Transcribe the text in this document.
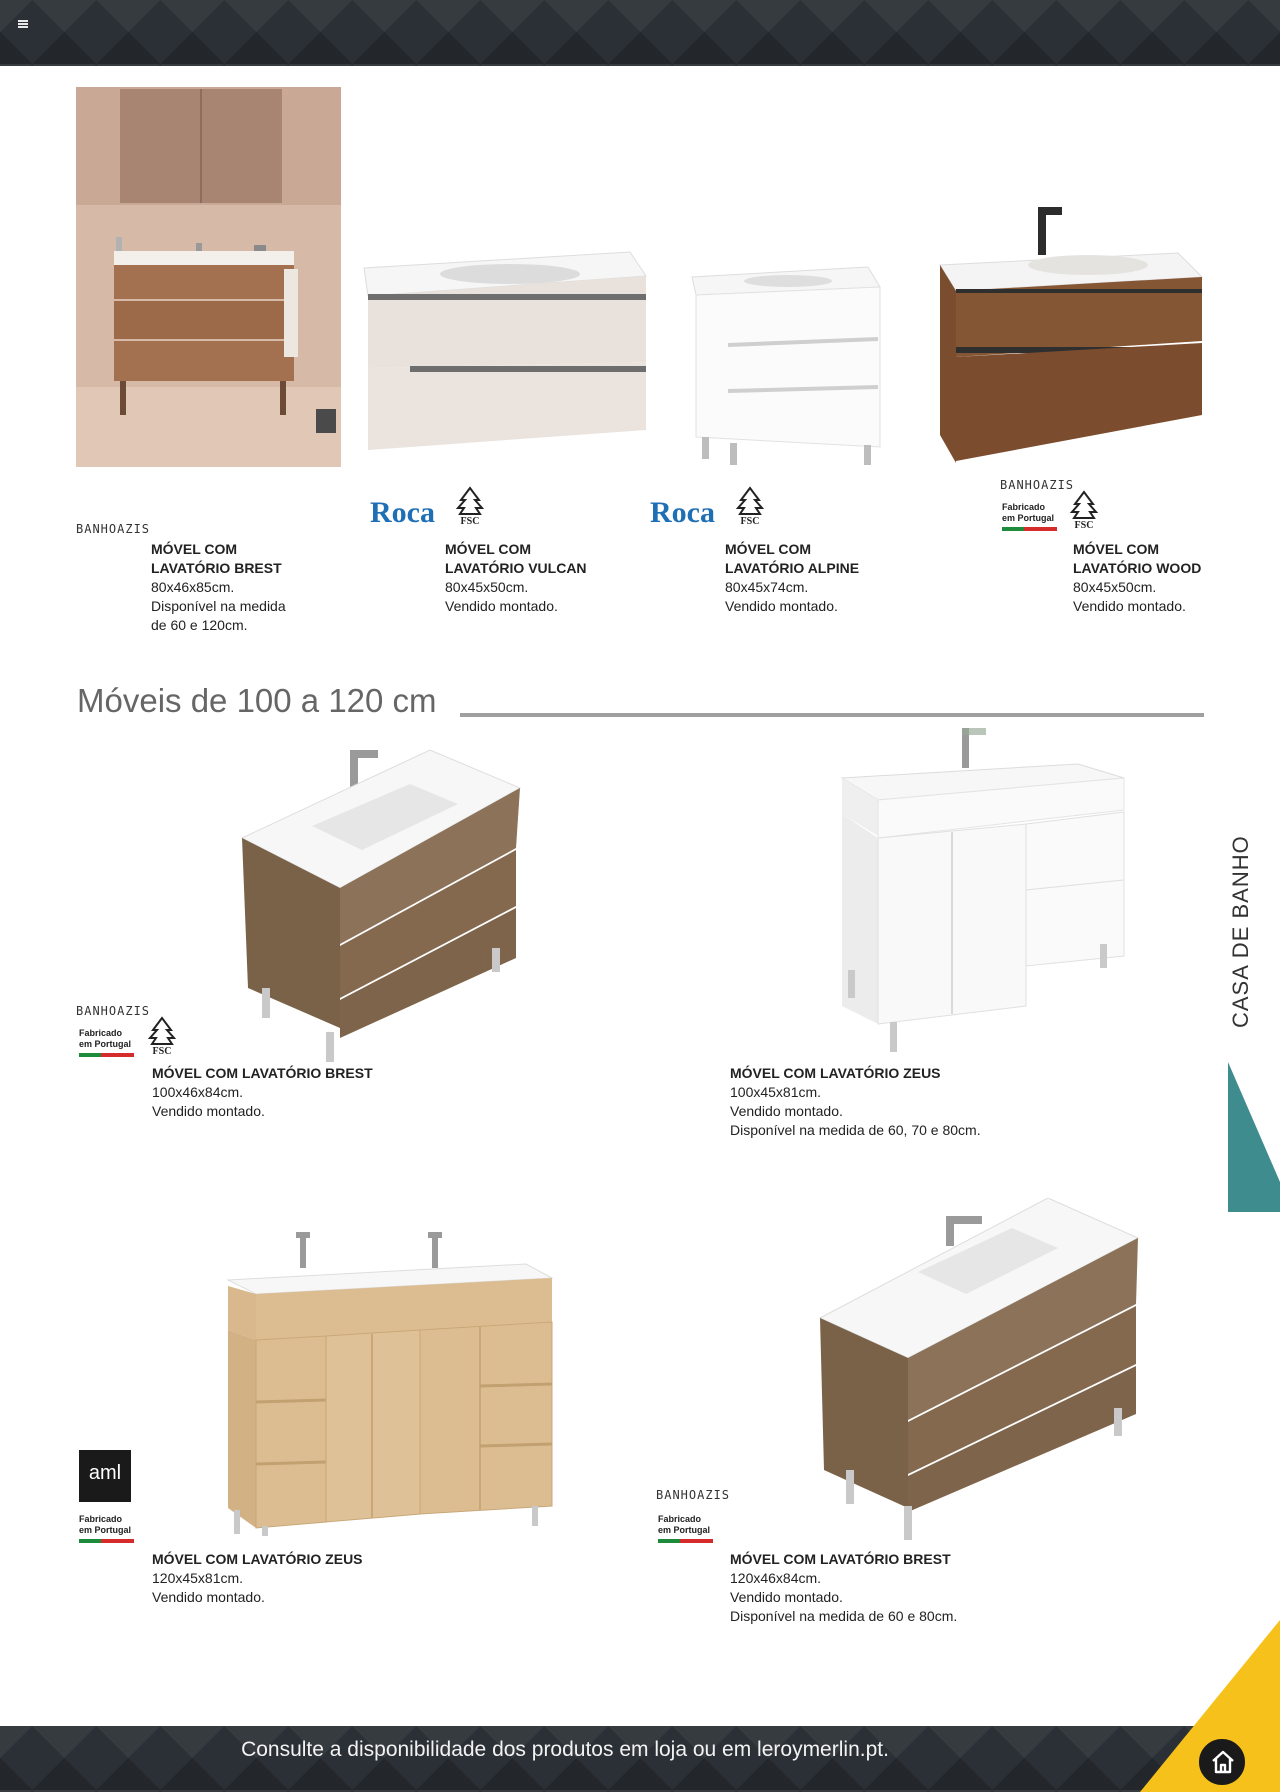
BANHOAZIS	Roca	FSC	Roca	FSC
BANHOAZIS
Fabricado
em Portugal
FSC
MÓVEL COM
LAVATÓRIO BREST
80x46x85cm.
Disponível na medida
de 60 e 120cm.
MÓVEL COM
LAVATÓRIO VULCAN
80x45x50cm.
Vendido montado.
MÓVEL COM
LAVATÓRIO ALPINE
80x45x74cm.
Vendido montado.
MÓVEL COM
LAVATÓRIO WOOD
80x45x50cm.
Vendido montado.
Móveis de 100 a 120 cm
BANHOAZIS
Fabricado
em Portugal
FSC
MÓVEL COM LAVATÓRIO BREST
100x46x84cm.
Vendido montado.
MÓVEL COM LAVATÓRIO ZEUS
100x45x81cm.
Vendido montado.
Disponível na medida de 60, 70 e 80cm.
aml
Fabricado
em Portugal
BANHOAZIS
Fabricado
em Portugal
MÓVEL COM LAVATÓRIO ZEUS
120x45x81cm.
Vendido montado.
MÓVEL COM LAVATÓRIO BREST
120x46x84cm.
Vendido montado.
Disponível na medida de 60 e 80cm.
CASA DE BANHO
Consulte a disponibilidade dos produtos em loja ou em leroymerlin.pt.
